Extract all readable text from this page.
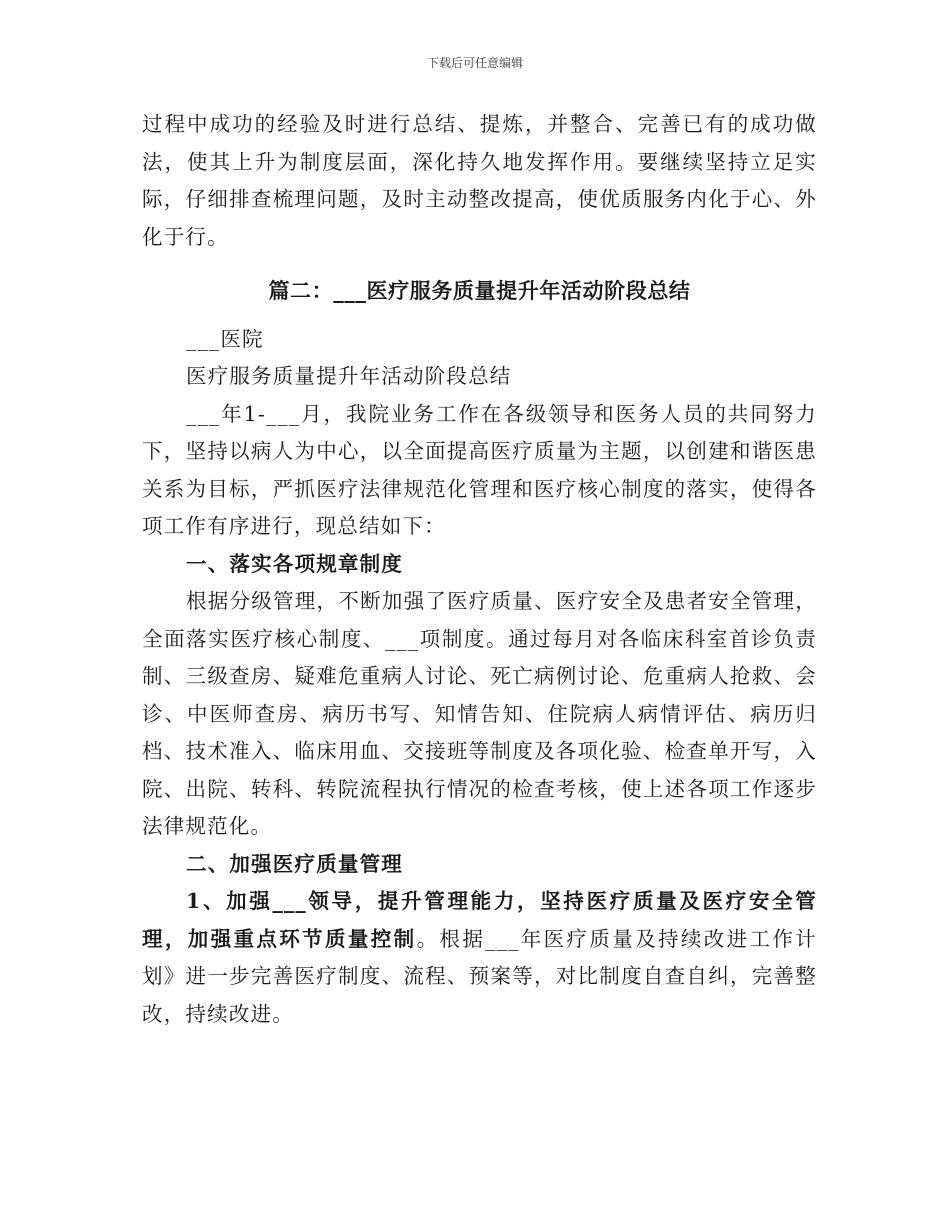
下载后可任意编辑

过程中成功的经验及时进行总结、提炼，并整合、完善已有的成功做法，使其上升为制度层面，深化持久地发挥作用。要继续坚持立足实际，仔细排查梳理问题，及时主动整改提高，使优质服务内化于心、外化于行。

篇二：___医疗服务质量提升年活动阶段总结

___医院

医疗服务质量提升年活动阶段总结

___年1-___月，我院业务工作在各级领导和医务人员的共同努力下，坚持以病人为中心，以全面提高医疗质量为主题，以创建和谐医患关系为目标，严抓医疗法律规范化管理和医疗核心制度的落实，使得各项工作有序进行，现总结如下：

一、落实各项规章制度

根据分级管理，不断加强了医疗质量、医疗安全及患者安全管理，全面落实医疗核心制度、___项制度。通过每月对各临床科室首诊负责制、三级查房、疑难危重病人讨论、死亡病例讨论、危重病人抢救、会诊、中医师查房、病历书写、知情告知、住院病人病情评估、病历归档、技术准入、临床用血、交接班等制度及各项化验、检查单开写，入院、出院、转科、转院流程执行情况的检查考核，使上述各项工作逐步法律规范化。

二、加强医疗质量管理

1、加强___领导，提升管理能力，坚持医疗质量及医疗安全管理，加强重点环节质量控制。根据___年医疗质量及持续改进工作计划》进一步完善医疗制度、流程、预案等，对比制度自查自纠，完善整改，持续改进。
